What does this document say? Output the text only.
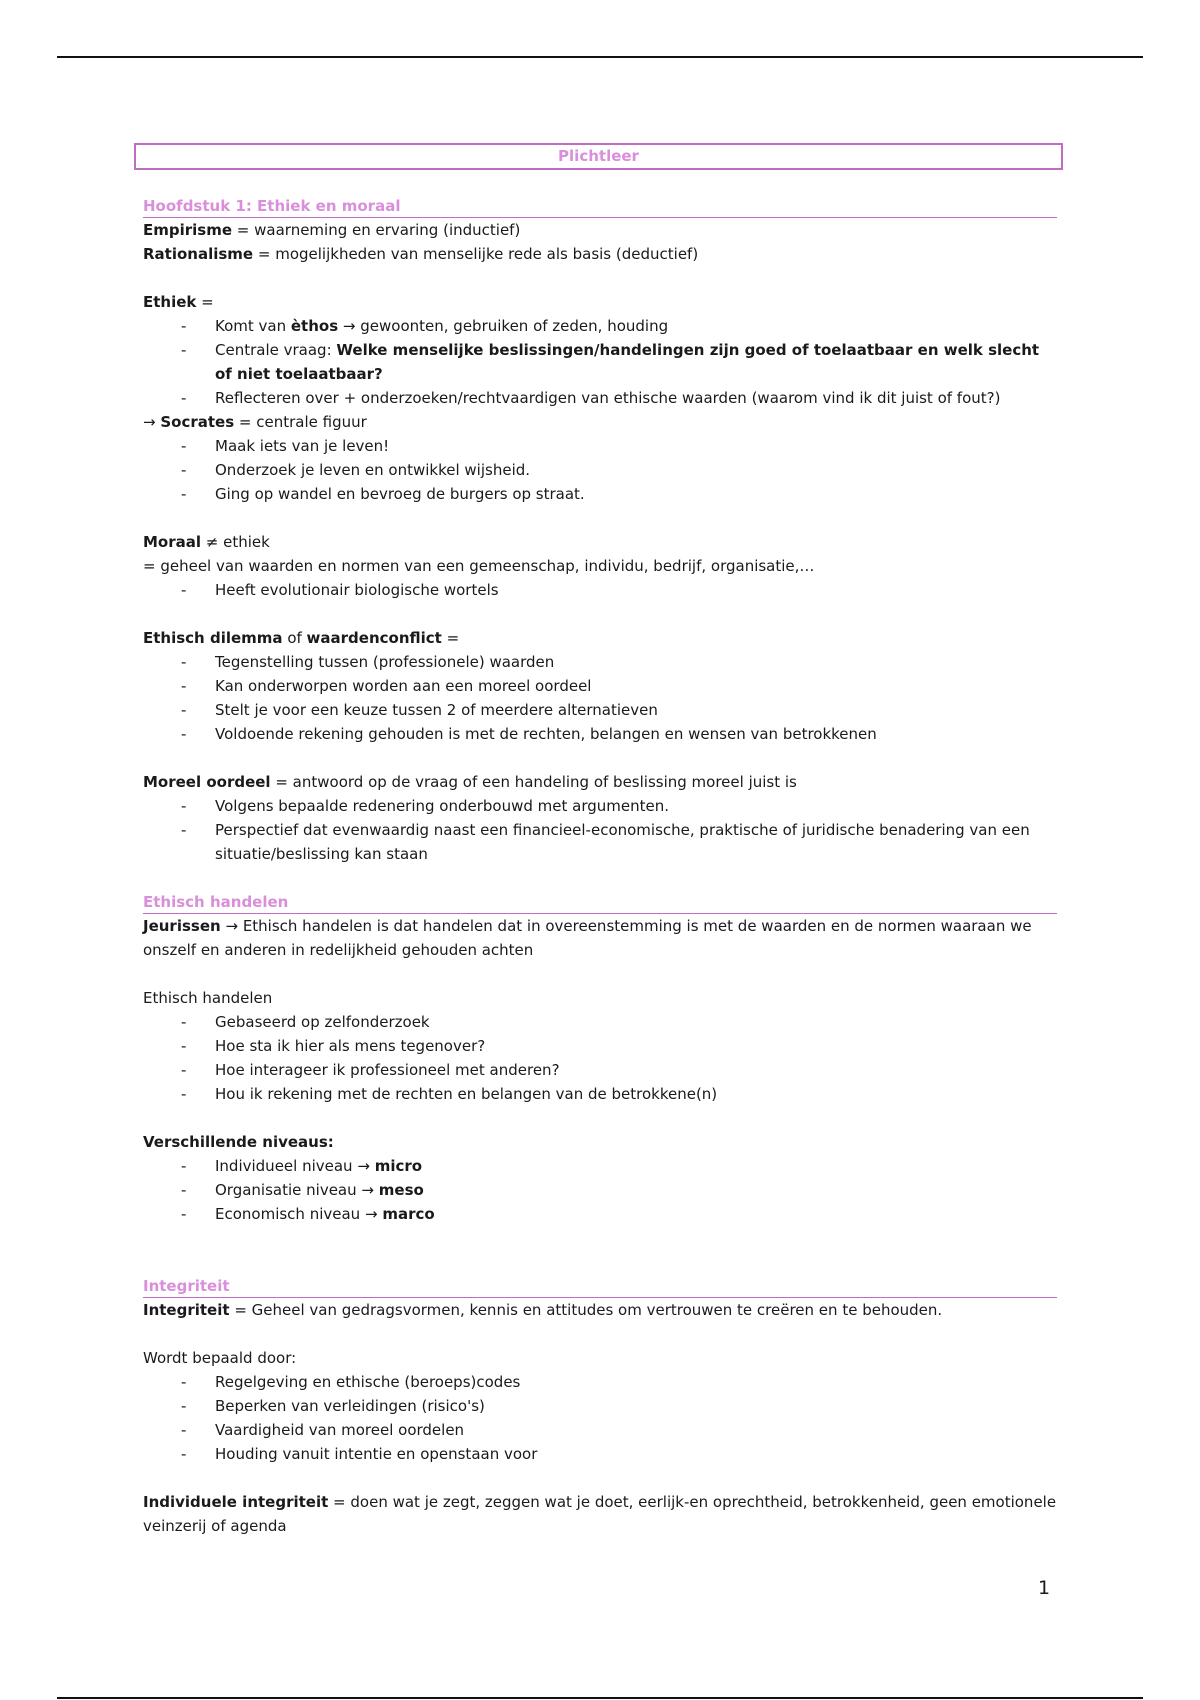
Plichtleer
Hoofdstuk 1: Ethiek en moraal
Empirisme = waarneming en ervaring (inductief)
Rationalisme = mogelijkheden van menselijke rede als basis (deductief)
Ethiek =
- Komt van èthos → gewoonten, gebruiken of zeden, houding
- Centrale vraag: Welke menselijke beslissingen/handelingen zijn goed of toelaatbaar en welk slecht of niet toelaatbaar?
- Reflecteren over + onderzoeken/rechtvaardigen van ethische waarden (waarom vind ik dit juist of fout?)
→ Socrates = centrale figuur
- Maak iets van je leven!
- Onderzoek je leven en ontwikkel wijsheid.
- Ging op wandel en bevroeg de burgers op straat.
Moraal ≠ ethiek
= geheel van waarden en normen van een gemeenschap, individu, bedrijf, organisatie,…
- Heeft evolutionair biologische wortels
Ethisch dilemma of waardenconflict =
- Tegenstelling tussen (professionele) waarden
- Kan onderworpen worden aan een moreel oordeel
- Stelt je voor een keuze tussen 2 of meerdere alternatieven
- Voldoende rekening gehouden is met de rechten, belangen en wensen van betrokkenen
Moreel oordeel = antwoord op de vraag of een handeling of beslissing moreel juist is
- Volgens bepaalde redenering onderbouwd met argumenten.
- Perspectief dat evenwaardig naast een financieel-economische, praktische of juridische benadering van een situatie/beslissing kan staan
Ethisch handelen
Jeurissen → Ethisch handelen is dat handelen dat in overeenstemming is met de waarden en de normen waaraan we onszelf en anderen in redelijkheid gehouden achten
Ethisch handelen
- Gebaseerd op zelfonderzoek
- Hoe sta ik hier als mens tegenover?
- Hoe interageer ik professioneel met anderen?
- Hou ik rekening met de rechten en belangen van de betrokkene(n)
Verschillende niveaus:
- Individueel niveau → micro
- Organisatie niveau → meso
- Economisch niveau → marco
Integriteit
Integriteit = Geheel van gedragsvormen, kennis en attitudes om vertrouwen te creëren en te behouden.
Wordt bepaald door:
- Regelgeving en ethische (beroeps)codes
- Beperken van verleidingen (risico's)
- Vaardigheid van moreel oordelen
- Houding vanuit intentie en openstaan voor
Individuele integriteit = doen wat je zegt, zeggen wat je doet, eerlijk-en oprechtheid, betrokkenheid, geen emotionele veinzerij of agenda
1
